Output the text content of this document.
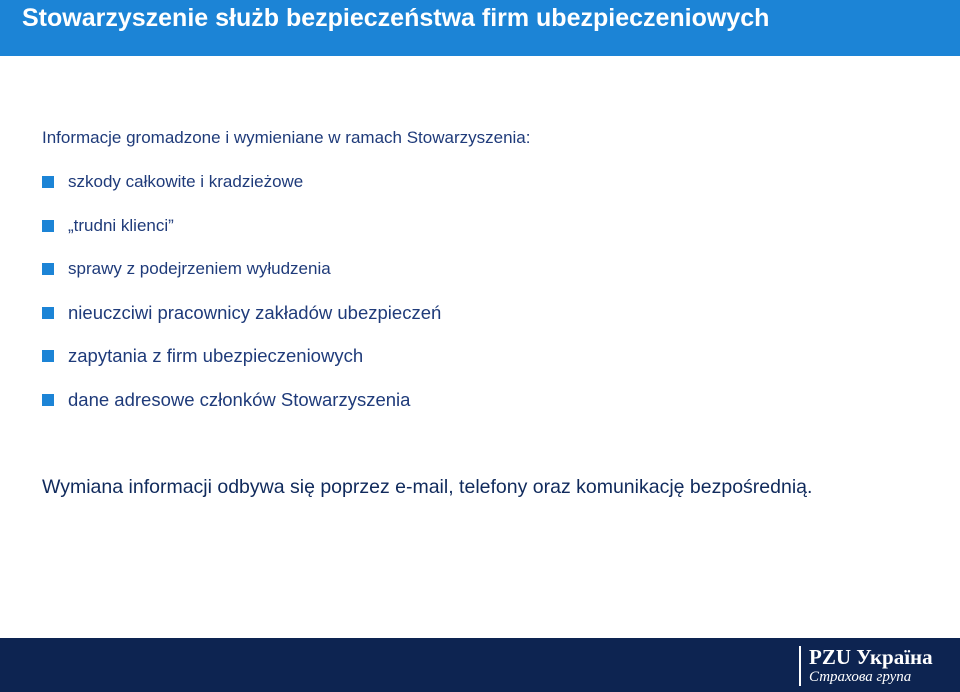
Stowarzyszenie służb bezpieczeństwa firm ubezpieczeniowych
Informacje gromadzone i wymieniane w ramach Stowarzyszenia:
szkody całkowite i kradzieżowe
„trudni klienci”
sprawy z podejrzeniem wyłudzenia
nieuczciwi pracownicy zakładów ubezpieczeń
zapytania z firm ubezpieczeniowych
dane adresowe członków Stowarzyszenia
Wymiana informacji odbywa się poprzez e-mail, telefony oraz komunikację bezpośrednią.
PZU Україна
Страхова група
